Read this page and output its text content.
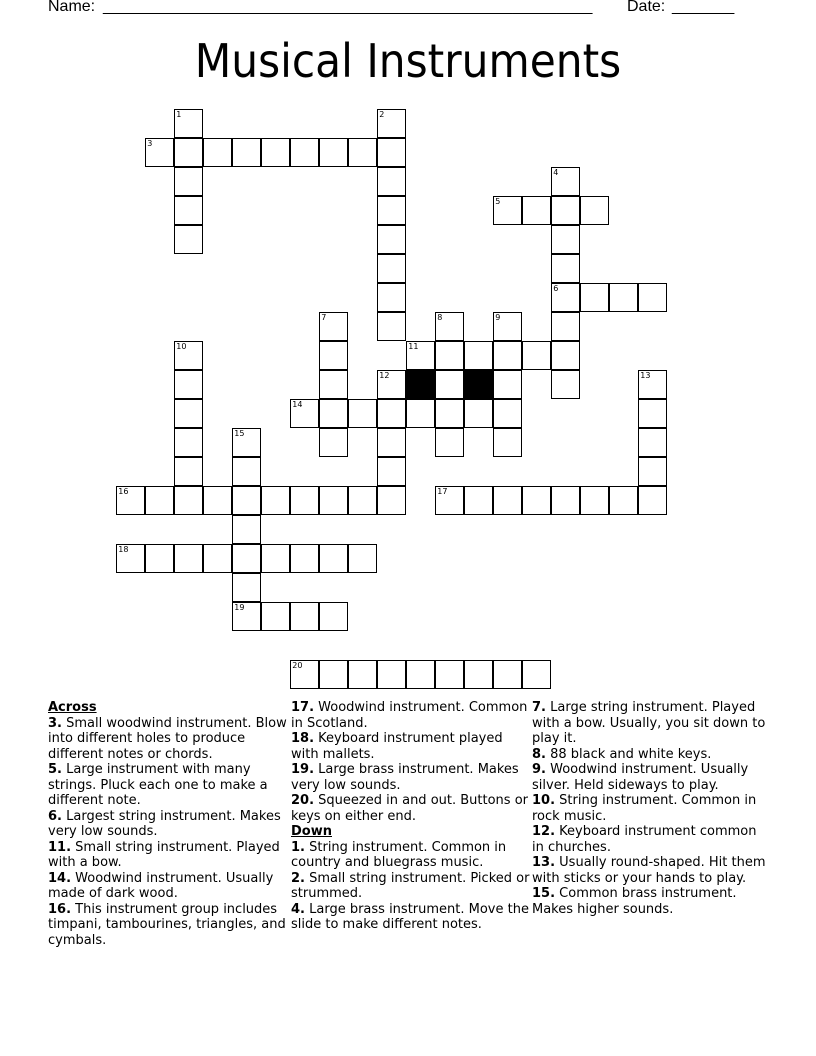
Name:

_______________________________________________________

Date:

_______

Musical Instruments
1	2
3
4
6
5
7	8	9
10	11
12	13
14
15
19
16	17
18
20
Across
3. Small woodwind instrument. Blow into different holes to produce different notes or chords.
5. Large instrument with many strings. Pluck each one to make a different note.
6. Largest string instrument. Makes very low sounds.
11. Small string instrument. Played with a bow.
14. Woodwind instrument. Usually made of dark wood.
16. This instrument group includes timpani, tambourines, triangles, and cymbals.
17. Woodwind instrument. Common in Scotland.
18. Keyboard instrument played with mallets.
19. Large brass instrument. Makes very low sounds.
20. Squeezed in and out. Buttons or keys on either end.
Down
1. String instrument. Common in country and bluegrass music.
2. Small string instrument. Picked or strummed.
4. Large brass instrument. Move the slide to make different notes.
7. Large string instrument. Played with a bow. Usually, you sit down to play it.
8. 88 black and white keys.
9. Woodwind instrument. Usually silver. Held sideways to play.
10. String instrument. Common in rock music.
12. Keyboard instrument common in churches.
13. Usually round-shaped. Hit them with sticks or your hands to play.
15. Common brass instrument. Makes higher sounds.
